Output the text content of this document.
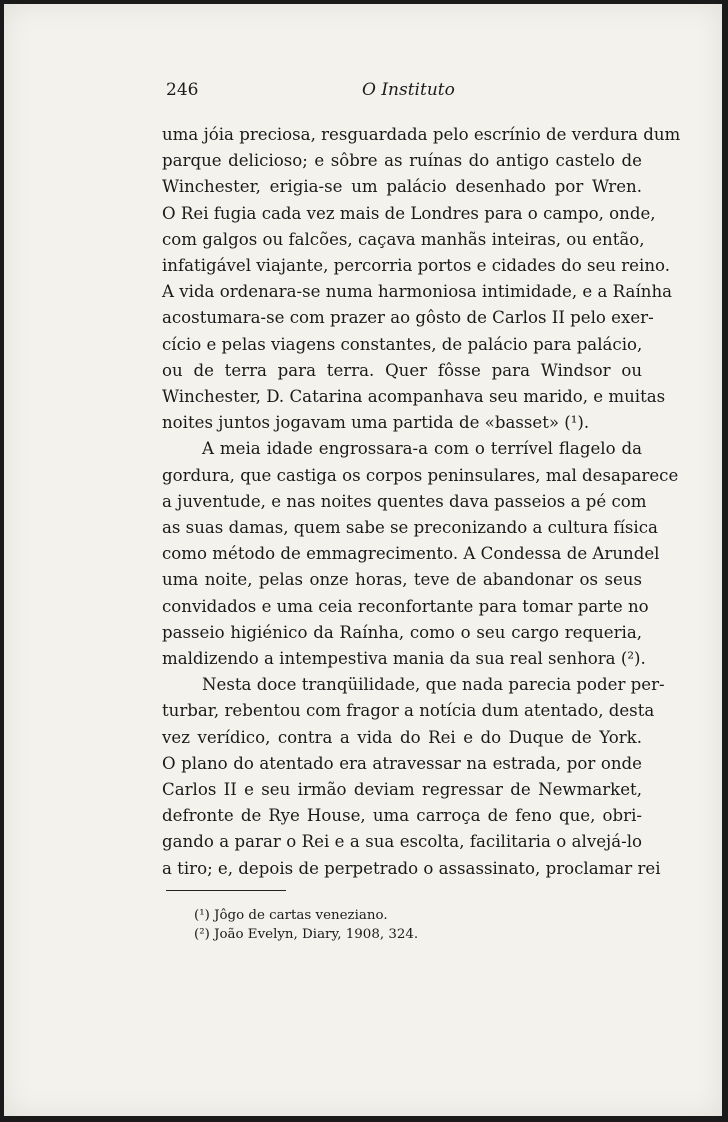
246	O Instituto
uma jóia preciosa, resguardada pelo escrínio de verdura dum
parque delicioso; e sôbre as ruínas do antigo castelo de
Winchester, erigia-se um palácio desenhado por Wren.
O Rei fugia cada vez mais de Londres para o campo, onde,
com galgos ou falcões, caçava manhãs inteiras, ou então,
infatigável viajante, percorria portos e cidades do seu reino.
A vida ordenara-se numa harmoniosa intimidade, e a Raínha
acostumara-se com prazer ao gôsto de Carlos II pelo exer-
cício e pelas viagens constantes, de palácio para palácio,
ou de terra para terra. Quer fôsse para Windsor ou
Winchester, D. Catarina acompanhava seu marido, e muitas
noites juntos jogavam uma partida de «basset» (¹).
A meia idade engrossara-a com o terrível flagelo da
gordura, que castiga os corpos peninsulares, mal desaparece
a juventude, e nas noites quentes dava passeios a pé com
as suas damas, quem sabe se preconizando a cultura física
como método de emmagrecimento. A Condessa de Arundel
uma noite, pelas onze horas, teve de abandonar os seus
convidados e uma ceia reconfortante para tomar parte no
passeio higiénico da Raínha, como o seu cargo requeria,
maldizendo a intempestiva mania da sua real senhora (²).
Nesta doce tranqüilidade, que nada parecia poder per-
turbar, rebentou com fragor a notícia dum atentado, desta
vez verídico, contra a vida do Rei e do Duque de York.
O plano do atentado era atravessar na estrada, por onde
Carlos II e seu irmão deviam regressar de Newmarket,
defronte de Rye House, uma carroça de feno que, obri-
gando a parar o Rei e a sua escolta, facilitaria o alvejá-lo
a tiro; e, depois de perpetrado o assassinato, proclamar rei
(¹) Jôgo de cartas veneziano.
(²) João Evelyn, Diary, 1908, 324.
